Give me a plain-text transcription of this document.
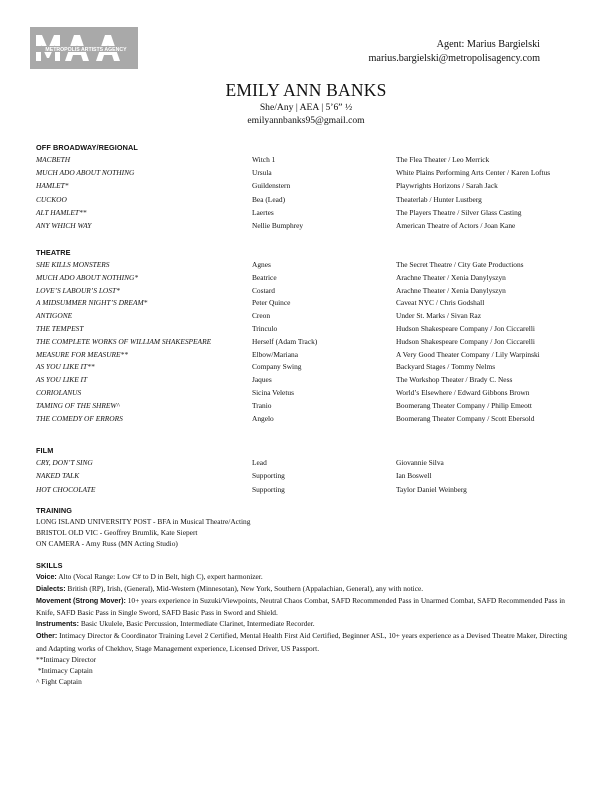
METROPOLIS ARTISTS AGENCY	Agent: Marius Bargielski
marius.bargielski@metropolisagency.com
EMILY ANN BANKS
She/Any | AEA | 5’6” ½
emilyannbanks95@gmail.com
OFF BROADWAY/REGIONAL
MACBETH	Witch 1	The Flea Theater / Leo Merrick
MUCH ADO ABOUT NOTHING	Ursula	White Plains Performing Arts Center / Karen Loftus
HAMLET*	Guildenstern	Playwrights Horizons / Sarah Jack
CUCKOO	Bea (Lead)	Theaterlab / Hunter Lustberg
ALT HAMLET**	Laertes	The Players Theatre / Silver Glass Casting
ANY WHICH WAY	Nellie Bumphrey	American Theatre of Actors / Joan Kane
THEATRE
SHE KILLS MONSTERS	Agnes	The Secret Theatre / City Gate Productions
MUCH ADO ABOUT NOTHING*	Beatrice	Arachne Theater / Xenia Danylyszyn
LOVE’S LABOUR’S LOST*	Costard	Arachne Theater / Xenia Danylyszyn
A MIDSUMMER NIGHT’S DREAM*	Peter Quince	Caveat NYC / Chris Godshall
ANTIGONE	Creon	Under St. Marks / Sivan Raz
THE TEMPEST	Trinculo	Hudson Shakespeare Company / Jon Ciccarelli
THE COMPLETE WORKS OF WILLIAM SHAKESPEARE	Herself (Adam Track)	Hudson Shakespeare Company / Jon Ciccarelli
MEASURE FOR MEASURE**	Elbow/Mariana	A Very Good Theater Company / Lily Warpinski
AS YOU LIKE IT**	Company Swing	Backyard Stages / Tommy Nelms
AS YOU LIKE IT	Jaques	The Workshop Theater / Brady C. Ness
CORIOLANUS	Sicina Veletus	World’s Elsewhere / Edward Gibbons Brown
TAMING OF THE SHREW^	Tranio	Boomerang Theater Company / Philip Emeott
THE COMEDY OF ERRORS	Angelo	Boomerang Theater Company / Scott Ebersold
FILM
CRY, DON’T SING	Lead	Giovannie Silva
NAKED TALK	Supporting	Ian Boswell
HOT CHOCOLATE	Supporting	Taylor Daniel Weinberg
TRAINING
LONG ISLAND UNIVERSITY POST - BFA in Musical Theatre/Acting
BRISTOL OLD VIC - Geoffrey Brumlik, Kate Siepert
ON CAMERA - Amy Russ (MN Acting Studio)
SKILLS
Voice: Alto (Vocal Range: Low C# to D in Belt, high C), expert harmonizer.
Dialects: British (RP), Irish, (General), Mid-Western (Minnesotan), New York, Southern (Appalachian, General), any with notice.
Movement (Strong Mover): 10+ years experience in Suzuki/Viewpoints, Neutral Chaos Combat, SAFD Recommended Pass in Unarmed Combat, SAFD Recommended Pass in Knife, SAFD Basic Pass in Single Sword, SAFD Basic Pass in Sword and Shield.
Instruments: Basic Ukulele, Basic Percussion, Intermediate Clarinet, Intermediate Recorder.
Other: Intimacy Director & Coordinator Training Level 2 Certified, Mental Health First Aid Certified, Beginner ASL, 10+ years experience as a Devised Theatre Maker, Directing and Adapting works of Chekhov, Stage Management experience, Licensed Driver, US Passport.
**Intimacy Director
*Intimacy Captain
^ Fight Captain
